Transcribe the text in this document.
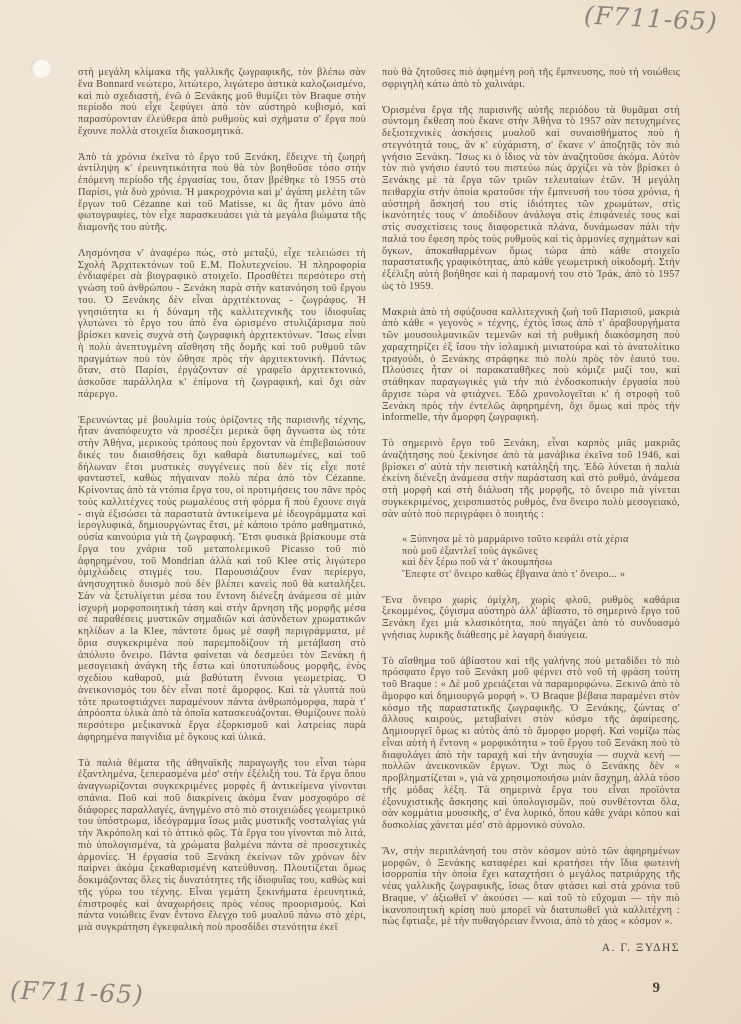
(F711-65)
στὴ μεγάλη κλίμακα τῆς γαλλικῆς ζωγραφικῆς, τὸν βλέπω σὰν ἕνα Bonnard νεώτερο, λιτώτερο, λιγώτερο ἀστικὰ καλοζωισμένο, καὶ πιὸ σχεδιαστή, ἐνῶ ὁ Ξενάκης μοῦ θυμίζει τὸν Braque στὴν περίοδο ποὺ εἶχε ξεφύγει ἀπὸ τὸν αὐστηρὸ κυβισμό, καὶ παρασύρονταν ἐλεύθερα ἀπὸ ρυθμοὺς καὶ σχήματα σ' ἔργα ποὺ ἔχουνε πολλὰ στοιχεῖα διακοσμητικά.
Ἀπὸ τὰ χρόνια ἐκεῖνα τὸ ἔργο τοῦ Ξενάκη, ἔδειχνε τὴ ζωηρὴ ἀντίληψη κ' ἐρευνητικότητα ποὺ θὰ τὸν βοηθοῦσε τόσο στὴν ἑπόμενη περίοδο τῆς ἐργασίας του, ὅταν βρέθηκε τὸ 1955 στὸ Παρίσι, γιὰ δυὸ χρόνια. Ἡ μακροχρόνια καὶ μ' ἀγάπη μελέτη τῶν ἔργων τοῦ Cézanne καὶ τοῦ Matisse, κι ἂς ἦταν μόνο ἀπὸ φωτογραφίες, τὸν εἶχε παρασκευάσει γιὰ τὰ μεγάλα βιώματα τῆς διαμονῆς του αὐτῆς.
Λησμόνησα ν' ἀναφέρω πώς, στὸ μεταξύ, εἶχε τελειώσει τὴ Σχολὴ Ἀρχιτεκτόνων τοῦ Ε.Μ. Πολυτεχνείου. Ἡ πληροφορία ἐνδιαφέρει σὰ βιογραφικὸ στοιχεῖο. Προσθέτει περσότερο στὴ γνώση τοῦ ἀνθρώπου - Ξενάκη παρὰ στὴν κατανόηση τοῦ ἔργου του. Ὁ Ξενάκης δὲν εἶναι ἀρχιτέκτονας - ζωγράφος. Ἡ γνησιότητα κι ἡ δύναμη τῆς καλλιτεχνικῆς του ἰδιοφυΐας γλυτώνει τὸ ἔργο του ἀπὸ ἕνα ὡρισμένο στυλιζάρισμα ποὺ βρίσκει κανεὶς συχνὰ στὴ ζωγραφικὴ ἀρχιτεκτόνων. Ἴσως εἶναι ἡ πολὺ ἀνεπτυγμένη αἴσθηση τῆς δομῆς καὶ τοῦ ρυθμοῦ τῶν πραγμάτων ποὺ τὸν ὤθησε πρὸς τὴν ἀρχιτεκτονική. Πάντως ὅταν, στὸ Παρίσι, ἐργάζονταν σὲ γραφεῖο ἀρχιτεκτονικό, ἀσκοῦσε παράλληλα κ' ἐπίμονα τὴ ζωγραφική, καὶ ὄχι σὰν πάρεργο.
Ἐρευνώντας μὲ βουλιμία τοὺς ὁρίζοντες τῆς παρισινῆς τέχνης, ἦταν ἀναπόφευχτο νὰ προσέξει μερικὰ ὕφη ἄγνωστα ὡς τότε στὴν Ἀθήνα, μερικοὺς τρόπους ποὺ ἔρχονταν νὰ ἐπιβεβαιώσουν δικές του διαισθήσεις ὄχι καθαρὰ διατυπωμένες, καὶ τοῦ δήλωναν ἔτσι μυστικὲς συγγένειες ποὺ δὲν τὶς εἶχε ποτὲ φανταστεῖ, καθὼς πήγαιναν πολὺ πέρα ἀπὸ τὸν Cézanne. Κρίνοντας ἀπὸ τὰ ντόπια ἔργα του, οἱ προτιμήσεις του πᾶνε πρὸς τοὺς καλλιτέχνες τοὺς ρωμαλέους στὴ φόρμα ἢ ποὺ ἔχουνε σιγὰ - σιγὰ ἐξισώσει τὰ παραστατὰ ἀντικείμενα μὲ ἰδεογράμματα καὶ ἱερογλυφικά, δημιουργώντας ἔτσι, μὲ κάποιο τρόπο μαθηματικό, οὐσία καινούρια γιὰ τὴ ζωγραφική. Ἔτσι φυσικὰ βρίσκουμε στὰ ἔργα του χνάρια τοῦ μεταπολεμικοῦ Picasso τοῦ πιὸ ἀφηρημένου, τοῦ Mondrian ἀλλὰ καὶ τοῦ Klee στὶς λιγώτερο ὁμιχλώδεις στιγμές του. Παρουσιάζουν ἕναν περίεργο, ἀνησυχητικὸ δυισμὸ ποὺ δὲν βλέπει κανεὶς ποῦ θὰ καταλήξει. Σὰν νὰ ξετυλίγεται μέσα του ἔντονη διένεξη ἀνάμεσα σὲ μιὰν ἰσχυρὴ μορφοποιητικὴ τάση καὶ στὴν ἄρνηση τῆς μορφῆς μέσα σὲ παραθέσεις μυστικῶν σημαδιῶν καὶ ἀσύνδετων χρωματικῶν κηλίδων a la Klee, πάντοτε ὅμως μὲ σαφῆ περιγράμματα, μὲ ὅρια συγκεκριμένα ποὺ παρεμποδίζουν τὴ μετάβαση στὸ ἀπόλυτο ὄνειρο. Πάντα φαίνεται νὰ δεσμεύει τὸν Ξενάκη ἡ μεσογειακὴ ἀνάγκη τῆς ἔστω καὶ ὑποτυπώδους μορφῆς, ἑνὸς σχεδίου καθαροῦ, μιὰ βαθύτατη ἔννοια γεωμετρίας. Ὁ ἀνεικονισμός του δὲν εἶναι ποτὲ ἄμορφος. Καὶ τὰ γλυπτὰ ποὺ τότε πρωτοφτιάχνει παραμένουν πάντα ἀνθρωπόμορφα, παρὰ τ' ἀπρόοπτα ὑλικὰ ἀπὸ τὰ ὁποῖα κατασκευάζονται. Θυμίζουνε πολὺ περσότερο μεξικανικὰ ἔργα ἐξορκισμοῦ καὶ λατρείας παρὰ ἀφηρημένα παιγνίδια μὲ ὄγκους καὶ ὑλικά.
Τὰ παλιὰ θέματα τῆς ἀθηναϊκῆς παραγωγῆς του εἶναι τώρα ἐξαντλημένα, ξεπερασμένα μέσ' στὴν ἐξέλιξή του. Τὰ ἔργα ὅπου ἀναγνωρίζονται συγκεκριμένες μορφὲς ἢ ἀντικείμενα γίνονται σπάνια. Ποῦ καὶ ποῦ διακρίνεις ἀκόμα ἕναν μοσχοφόρο σὲ διάφορες παραλλαγές, ἀνηγμένο στὸ πιὸ στοιχειώδες γεωμετρικό του ὑπόστρωμα, ἰδεόγραμμα ἴσως μιᾶς μυστικῆς νοσταλγίας γιὰ τὴν Ἀκρόπολη καὶ τὸ ἀττικὸ φῶς. Τὰ ἔργα του γίνονται πιὸ λιτά, πιὸ ὑπολογισμένα, τὰ χρώματα βαλμένα πάντα σὲ προσεχτικὲς ἁρμονίες. Ἡ ἐργασία τοῦ Ξενάκη ἐκείνων τῶν χρόνων δὲν παίρνει ἀκόμα ξεκαθαρισμένη κατεύθυνση. Πλουτίζεται ὅμως δοκιμάζοντας ὅλες τὶς δυνατότητες τῆς ἰδιοφυΐας του, καθὼς καὶ τῆς γύρω του τέχνης. Εἶναι γεμάτη ξεκινήματα ἐρευνητικά, ἐπιστροφὲς καὶ ἀναχωρήσεις πρὸς νέους προορισμούς. Καὶ πάντα νοιώθεις ἕναν ἔντονο ἔλεγχο τοῦ μυαλοῦ πάνω στὸ χέρι, μιὰ συγκράτηση ἐγκεφαλικὴ ποὺ προσδίδει στενότητα ἐκεῖ
(F711-65)
ποὺ θὰ ζητοῦσες πιὸ ἀφημένη ροὴ τῆς ἔμπνευσης, ποὺ τὴ νοιώθεις σφριγηλὴ κάτω ἀπὸ τὸ χαλινάρι.
Ὁρισμένα ἔργα τῆς παρισινῆς αὐτῆς περιόδου τὰ θυμᾶμαι στὴ σύντομη ἔκθεση ποὺ ἔκανε στὴν Ἀθήνα τὸ 1957 σὰν πετυχημένες δεξιοτεχνικὲς ἀσκήσεις μυαλοῦ καὶ συναισθήματος ποὺ ἡ στεγνότητά τους, ἂν κ' εὐχάριστη, σ' ἔκανε ν' ἀποζητᾷς τὸν πιὸ γνήσιο Ξενάκη. Ἴσως κι ὁ ἴδιος νὰ τὸν ἀναζητοῦσε ἀκόμα. Αὐτὸν τὸν πιὸ γνήσιο ἑαυτό του πιστεύω πὼς ἀρχίζει νὰ τὸν βρίσκει ὁ Ξενάκης μὲ τὰ ἔργα τῶν τριῶν τελευταίων ἐτῶν. Ἡ μεγάλη πειθαρχία στὴν ὁποία κρατοῦσε τὴν ἔμπνευσή του τόσα χρόνια, ἡ αὐστηρὴ ἄσκησή του στὶς ἰδιότητες τῶν χρωμάτων, στὶς ἱκανότητές τους ν' ἀποδίδουν ἀνάλογα στὶς ἐπιφάνειές τους καὶ στὶς συσχετίσεις τους διαφορετικὰ πλάνα, δυνάμωσαν πάλι τὴν παλιά του ἔφεση πρὸς τοὺς ρυθμοὺς καὶ τὶς ἁρμονίες σχημάτων καὶ ὄγκων, ἀποκαθαρμένων ὅμως τώρα ἀπὸ κάθε στοιχεῖο παραστατικῆς γραφικότητας, ἀπὸ κάθε γεωμετρικὴ οἰκοδομή. Στὴν ἐξέλιξη αὐτὴ βοήθησε καὶ ἡ παραμονή του στὸ Ἰράκ, ἀπὸ τὸ 1957 ὡς τὸ 1959.
Μακριὰ ἀπὸ τὴ σφύζουσα καλλιτεχνικὴ ζωὴ τοῦ Παρισιοῦ, μακριὰ ἀπὸ κάθε « γεγονὸς » τέχνης, ἐχτὸς ἴσως ἀπὸ τ' ἀραβουργήματα τῶν μουσουλμανικῶν τεμενῶν καὶ τὴ ρυθμικὴ διακόσμηση ποὺ χαραχτηρίζει ἐξ ἴσου τὴν ἰσλαμικὴ μινιατούρα καὶ τὸ ἀνατολίτικο τραγούδι, ὁ Ξενάκης στράφηκε πιὸ πολὺ πρὸς τὸν ἑαυτό του. Πλούσιες ἦταν οἱ παρακαταθῆκες ποὺ κόμιζε μαζί του, καὶ στάθηκαν παραγωγικὲς γιὰ τὴν πιὸ ἐνδοσκοπικὴν ἐργασία ποὺ ἄρχισε τώρα νὰ φτιάχνει. Ἐδῶ χρονολογεῖται κ' ἡ στροφὴ τοῦ Ξενάκη πρὸς τὴν ἐντελῶς ἀφηρημένη, ὄχι ὅμως καὶ πρὸς τὴν informelle, τὴν ἄμορφη ζωγραφική.
Τὸ σημερινὸ ἔργο τοῦ Ξενάκη, εἶναι καρπὸς μιᾶς μακριᾶς ἀναζήτησης ποὺ ξεκίνησε ἀπὸ τὰ μανάβικα ἐκεῖνα τοῦ 1946, καὶ βρίσκει σ' αὐτὰ τὴν πειστικὴ κατάληξή της. Ἐδῶ λύνεται ἡ παλιὰ ἐκείνη διένεξη ἀνάμεσα στὴν παράσταση καὶ στὸ ρυθμό, ἀνάμεσα στὴ μορφὴ καὶ στὴ διάλυση τῆς μορφῆς, τὸ ὄνειρο πιὰ γίνεται συγκεκριμένος, χειροπιαστὸς ρυθμός, ἕνα ὄνειρο πολὺ μεσογειακό, σὰν αὐτὸ ποὺ περιγράφει ὁ ποιητής :
« Ξύπνησα μὲ τὸ μαρμάρινο τοῦτο κεφάλι στὰ χέρια
ποὺ μοῦ ἐξαντλεῖ τοὺς ἀγκῶνες
καὶ δὲν ξέρω ποῦ νὰ τ' ἀκουμπήσω
Ἔπεφτε στ' ὄνειρο καθὼς ἔβγαινα ἀπὸ τ' ὄνειρο... »
Ἕνα ὄνειρο χωρὶς ὁμίχλη, χωρὶς φλοῦ, ρυθμὸς καθάρια ξεκομμένος, ζύγισμα αὐστηρὸ ἀλλ' ἀβίαστο, τὸ σημερινὸ ἔργο τοῦ Ξενάκη ἔχει μιὰ κλασικότητα, ποὺ πηγάζει ἀπὸ τὸ συνδυασμὸ γνήσιας λυρικῆς διάθεσης μὲ λαγαρὴ διαύγεια.
Τὸ αἴσθημα τοῦ ἀβίαστου καὶ τῆς γαλήνης ποὺ μεταδίδει τὸ πιὸ πρόσφατο ἔργο τοῦ Ξενάκη μοῦ φέρνει στὸ νοῦ τὴ φράση τούτη τοῦ Braque : « Δὲ μοῦ χρειάζεται νὰ παραμορφώνω. Ξεκινῶ ἀπὸ τὸ ἄμορφο καὶ δημιουργῶ μορφή ». Ὁ Braque βέβαια παραμένει στὸν κόσμο τῆς παραστατικῆς ζωγραφικῆς. Ὁ Ξενάκης, ζώντας σ' ἄλλους καιρούς, μεταβαίνει στὸν κόσμο τῆς ἀφαίρεσης. Δημιουργεῖ ὅμως κι αὐτὸς ἀπὸ τὸ ἄμορφο μορφή. Καὶ νομίζω πὼς εἶναι αὐτὴ ἡ ἔντονη « μορφικότητα » τοῦ ἔργου τοῦ Ξενάκη ποὺ τὸ διαφυλάγει ἀπὸ τὴν ταραχὴ καὶ τὴν ἀνησυχία — συχνὰ κενὴ — πολλῶν ἀνεικονικῶν ἔργων. Ὄχι πὼς ὁ Ξενάκης δὲν « προβληματίζεται », γιὰ νὰ χρησιμοποιήσω μιὰν ἄσχημη, ἀλλὰ τόσο τῆς μόδας λέξη. Τὰ σημερινὰ ἔργα του εἶναι προϊόντα ἐξονυχιστικῆς ἄσκησης καὶ ὑπολογισμῶν, ποὺ συνθέτονται ὅλα, σὰν κομμάτια μουσικῆς, σ' ἕνα λυρικό, ὅπου κάθε χνάρι κόπου καὶ δυσκολίας χάνεται μέσ' στὸ ἁρμονικὸ σύνολο.
Ἄν, στὴν περιπλάνησή του στὸν κόσμον αὐτὸ τῶν ἀφηρημένων μορφῶν, ὁ Ξενάκης καταφέρει καὶ κρατήσει τὴν ἴδια φωτεινὴ ἰσορροπία τὴν ὁποία ἔχει καταχτήσει ὁ μεγάλος πατριάρχης τῆς νέας γαλλικῆς ζωγραφικῆς, ἴσως ὅταν φτάσει καὶ στὰ χρόνια τοῦ Braque, ν' ἀξιωθεῖ ν' ἀκούσει — καὶ τοῦ τὸ εὔχομαι — τὴν πιὸ ἱκανοποιητικὴ κρίση ποὺ μπορεῖ νὰ διατυπωθεῖ γιὰ καλλιτέχνη : πὼς ἔφτιαξε, μὲ τὴν πυθαγόρειαν ἔννοια, ἀπὸ τὸ χάος « κόσμον ».
Α. Γ. ΞΥΔΗΣ
9
